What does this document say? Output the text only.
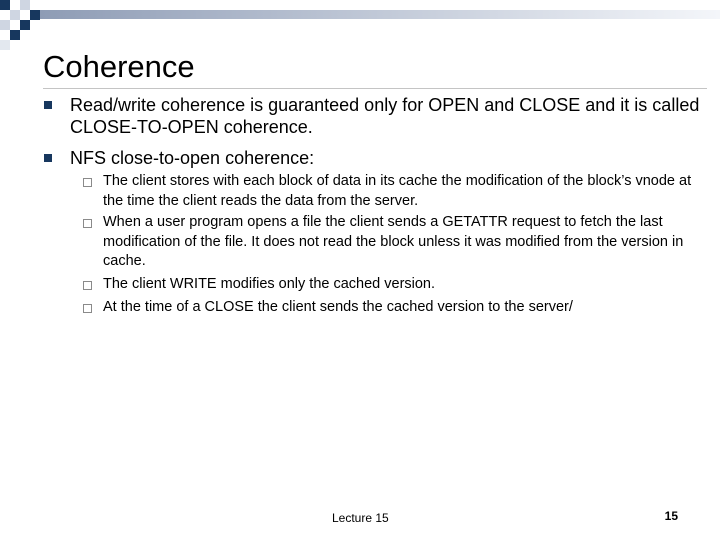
Coherence
Read/write coherence is guaranteed only for OPEN and CLOSE and it is called CLOSE-TO-OPEN coherence.
NFS close-to-open coherence:
The client stores with each block of data in its cache the modification of the block’s vnode at the time the client reads the data from the server.
When a user program opens a file the client sends a GETATTR request to fetch the last modification of the file. It does not read the block unless it was modified from the version in cache.
The client WRITE modifies only the cached version.
At the time of a CLOSE the client sends the cached version to the server/
Lecture 15	15
